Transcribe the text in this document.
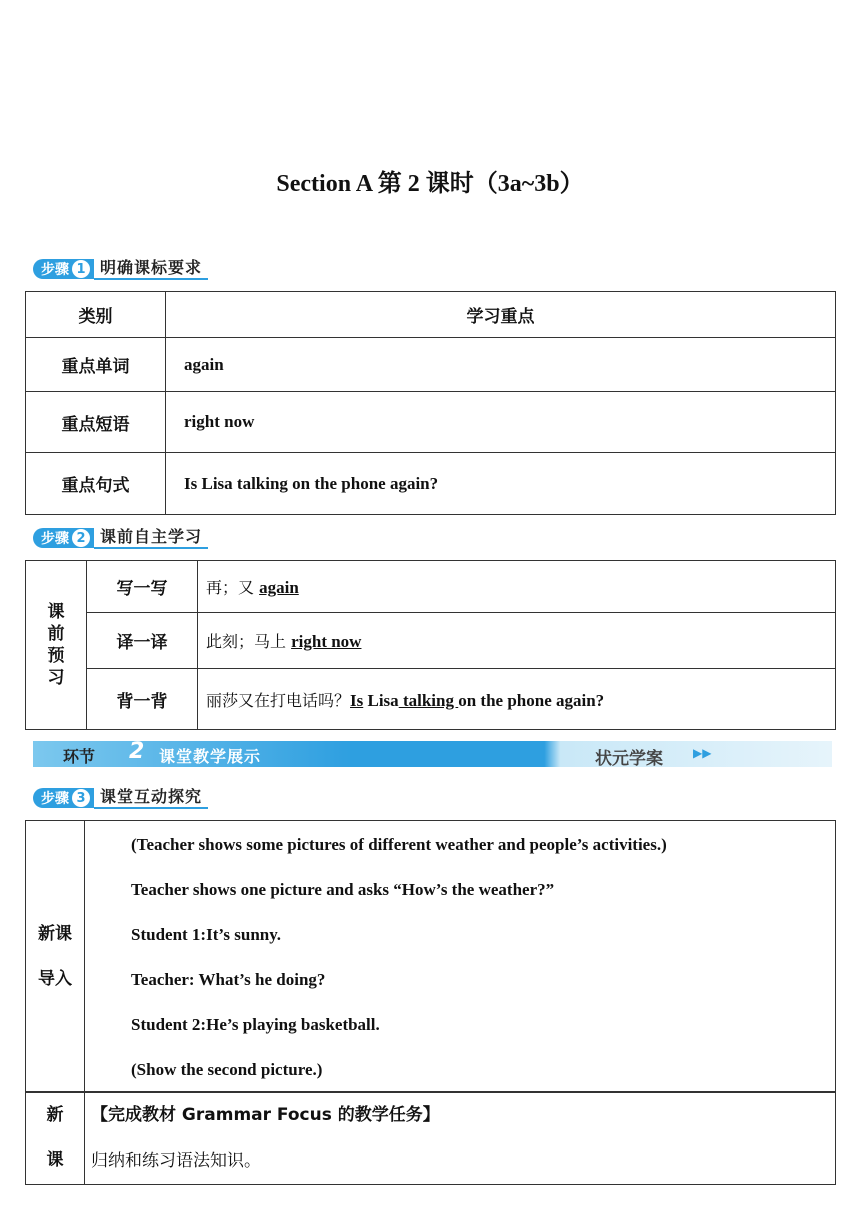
Section A 第 2 课时（3a~3b）
步骤 1 明确课标要求
类别	学习重点
重点单词	again
重点短语	right now
重点句式	Is Lisa talking on the phone again?
步骤 2 课前自主学习
课
前
预
习	写一写	再；又 again
	译一译	此刻；马上 right now
	背一背	丽莎又在打电话吗？Is Lisa talking on the phone again?
环节 2 课堂教学展示	状元学案	▶▶
步骤 3 课堂互动探究
新课
导入

(Teacher shows some pictures of different weather and people’s activities.)
Teacher shows one picture and asks “How’s the weather?”
Student 1:It’s sunny.
Teacher: What’s he doing?
Student 2:He’s playing basketball.
(Show the second picture.)
新
课

【完成教材 Grammar Focus 的教学任务】
归纳和练习语法知识。
